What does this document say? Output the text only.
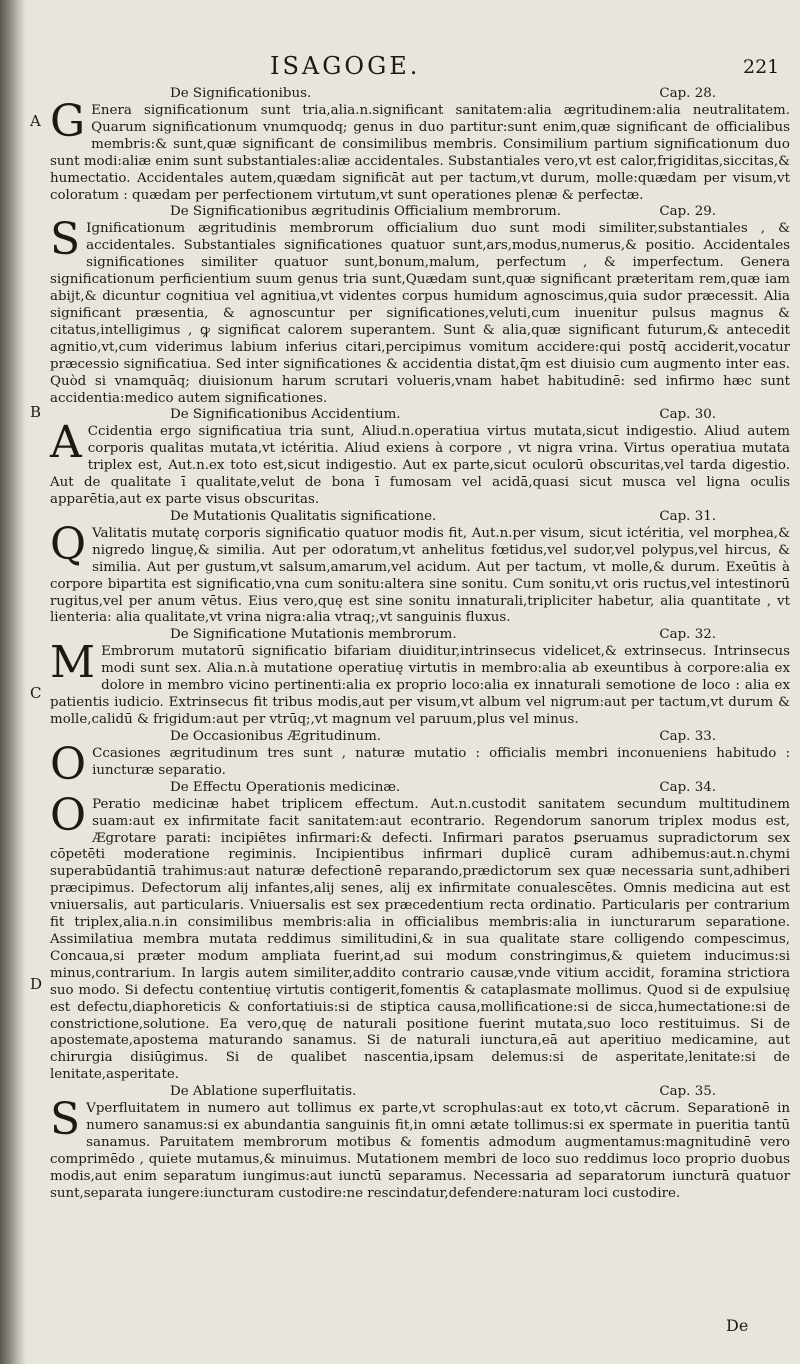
ISAGOGE.	221
A
B
C
D
De Significationibus.	Cap. 28.

G Enera significationum sunt tria,alia.n.significant sanitatem:alia ægritudinem:alia neutralitatem. Quarum significationum vnumquodq; genus in duo partitur:sunt enim,quæ significant de officialibus membris:& sunt,quæ significant de consimilibus membris. Consimilium partium significationum duo sunt modi:aliæ enim sunt substantiales:aliæ accidentales. Substantiales vero,vt est calor,frigiditas,siccitas,& humectatio. Accidentales autem,quædam significāt aut per tactum,vt durum, molle:quædam per visum,vt coloratum : quædam per perfectionem virtutum,vt sunt operationes plenæ & perfectæ.

De Significationibus ægritudinis Officialium membrorum.	Cap. 29.

S Ignificationum ægritudinis membrorum officialium duo sunt modi similiter,substantiales , & accidentales. Substantiales significationes quatuor sunt,ars,modus,numerus,& positio. Accidentales significationes similiter quatuor sunt,bonum,malum, perfectum , & imperfectum. Genera significationum perficientium suum genus tria sunt,Quædam sunt,quæ significant præteritam rem,quæ iam abijt,& dicuntur cognitiua vel agnitiua,vt videntes corpus humidum agnoscimus,quia sudor præcessit. Alia significant præsentia, & agnoscuntur per significationes,veluti,cum inuenitur pulsus magnus & citatus,intelligimus , ꝙ significat calorem superantem. Sunt & alia,quæ significant futurum,& antecedit agnitio,vt,cum viderimus labium inferius citari,percipimus vomitum accidere:qui postq̄ acciderit,vocatur præcessio significatiua. Sed inter significationes & accidentia distat,q̄m est diuisio cum augmento inter eas. Quòd si vnamquāq; diuisionum harum scrutari volueris,vnam habet habitudinē: sed infirmo hæc sunt accidentia:medico autem significationes.

De Significationibus Accidentium.	Cap. 30.

A Ccidentia ergo significatiua tria sunt, Aliud.n.operatiua virtus mutata,sicut indigestio. Aliud autem corporis qualitas mutata,vt ictéritia. Aliud exiens à corpore , vt nigra vrina. Virtus operatiua mutata triplex est, Aut.n.ex toto est,sicut indigestio. Aut ex parte,sicut oculorū obscuritas,vel tarda digestio. Aut de qualitate ī qualitate,velut de bona ī fumosam vel acidā,quasi sicut musca vel ligna oculis apparētia,aut ex parte visus obscuritas.

De Mutationis Qualitatis significatione.	Cap. 31.

Q Valitatis mutatę corporis significatio quatuor modis fit, Aut.n.per visum, sicut ictéritia, vel morphea,& nigredo linguę,& similia. Aut per odoratum,vt anhelitus fœtidus,vel sudor,vel polypus,vel hircus, & similia. Aut per gustum,vt salsum,amarum,vel acidum. Aut per tactum, vt molle,& durum. Exeūtis à corpore bipartita est significatio,vna cum sonitu:altera sine sonitu. Cum sonitu,vt oris ructus,vel intestinorū rugitus,vel per anum vētus. Eius vero,quę est sine sonitu innaturali,tripliciter habetur, alia quantitate , vt lienteria: alia qualitate,vt vrina nigra:alia vtraq;,vt sanguinis fluxus.

De Significatione Mutationis membrorum.	Cap. 32.

M Embrorum mutatorū significatio bifariam diuiditur,intrinsecus videlicet,& extrinsecus. Intrinsecus modi sunt sex. Alia.n.à mutatione operatiuę virtutis in membro:alia ab exeuntibus à corpore:alia ex dolore in membro vicino pertinenti:alia ex proprio loco:alia ex innaturali semotione de loco : alia ex patientis iudicio. Extrinsecus fit tribus modis,aut per visum,vt album vel nigrum:aut per tactum,vt durum & molle,calidū & frigidum:aut per vtrūq;,vt magnum vel paruum,plus vel minus.

De Occasionibus Ægritudinum.	Cap. 33.

O Ccasiones ægritudinum tres sunt , naturæ mutatio : officialis membri inconueniens habitudo : iuncturæ separatio.

De Effectu Operationis medicinæ.	Cap. 34.

O Peratio medicinæ habet triplicem effectum. Aut.n.custodit sanitatem secundum multitudinem suam:aut ex infirmitate facit sanitatem:aut econtrario. Regendorum sanorum triplex modus est, Ægrotare parati: incipiētes infirmari:& defecti. Infirmari paratos ꝑseruamus supradictorum sex cōpetēti moderatione regiminis. Incipientibus infirmari duplicē curam adhibemus:aut.n.chymi superabūdantiā trahimus:aut naturæ defectionē reparando,prædictorum sex quæ necessaria sunt,adhiberi præcipimus. Defectorum alij infantes,alij senes, alij ex infirmitate conualescētes. Omnis medicina aut est vniuersalis, aut particularis. Vniuersalis est sex præcedentium recta ordinatio. Particularis per contrarium fit triplex,alia.n.in consimilibus membris:alia in officialibus membris:alia in iuncturarum separatione. Assimilatiua membra mutata reddimus similitudini,& in sua qualitate stare colligendo compescimus, Concaua,si præter modum ampliata fuerint,ad sui modum constringimus,& quietem inducimus:si minus,contrarium. In largis autem similiter,addito contrario causæ,vnde vitium accidit, foramina strictiora suo modo. Si defectu contentiuę virtutis contigerit,fomentis & cataplasmate mollimus. Quod si de expulsiuę est defectu,diaphoreticis & confortatiuis:si de stiptica causa,mollificatione:si de sicca,humectatione:si de constrictione,solutione. Ea vero,quę de naturali positione fuerint mutata,suo loco restituimus. Si de apostemate,apostema maturando sanamus. Si de naturali iunctura,eā aut aperitiuo medicamine, aut chirurgia disiūgimus. Si de qualibet nascentia,ipsam delemus:si de asperitate,lenitate:si de lenitate,asperitate.

De Ablatione superfluitatis.	Cap. 35.

S Vperfluitatem in numero aut tollimus ex parte,vt scrophulas:aut ex toto,vt cācrum. Separationē in numero sanamus:si ex abundantia sanguinis fit,in omni ætate tollimus:si ex spermate in pueritia tantū sanamus. Paruitatem membrorum motibus & fomentis admodum augmentamus:magnitudinē vero comprimēdo , quiete mutamus,& minuimus. Mutationem membri de loco suo reddimus loco proprio duobus modis,aut enim separatum iungimus:aut iunctū separamus. Necessaria ad separatorum iuncturā quatuor sunt,separata iungere:iuncturam custodire:ne rescindatur,defendere:naturam loci custodire.

De
